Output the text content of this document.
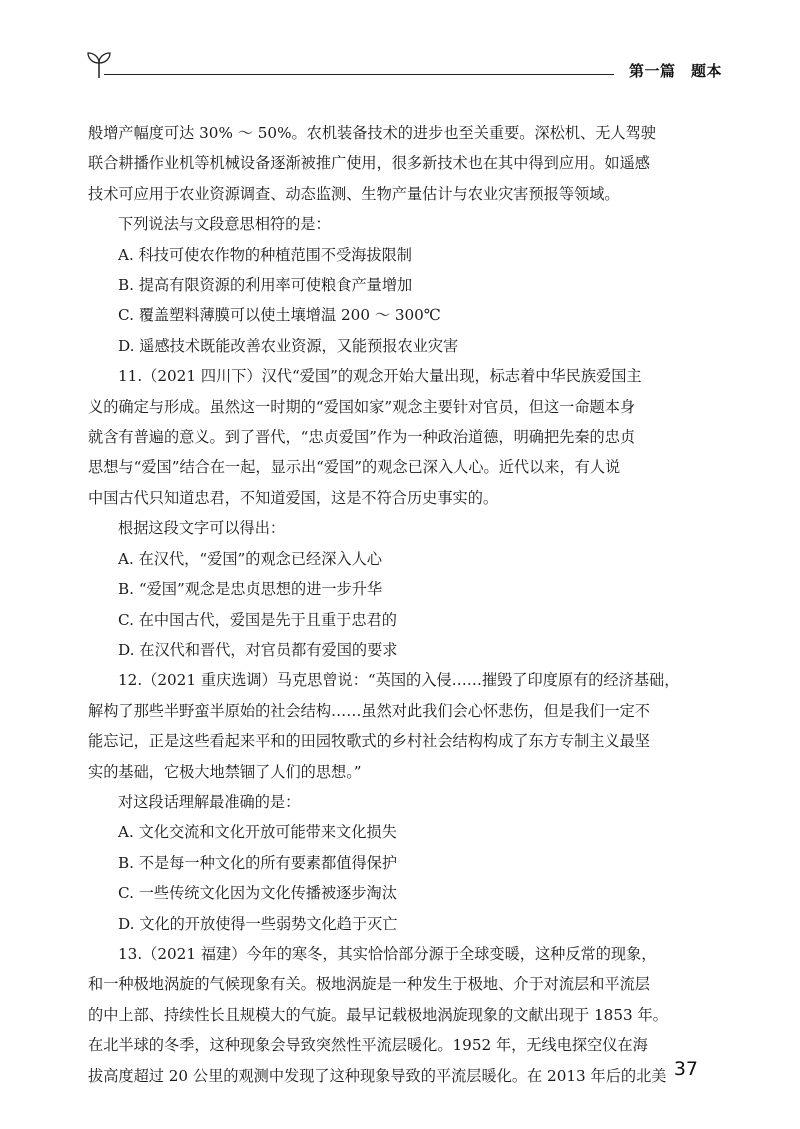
第一篇　题本

般增产幅度可达 30% ～ 50%。农机装备技术的进步也至关重要。深松机、无人驾驶

联合耕播作业机等机械设备逐渐被推广使用，很多新技术也在其中得到应用。如遥感

技术可应用于农业资源调查、动态监测、生物产量估计与农业灾害预报等领域。

下列说法与文段意思相符的是：

A. 科技可使农作物的种植范围不受海拔限制

B. 提高有限资源的利用率可使粮食产量增加

C. 覆盖塑料薄膜可以使土壤增温 200 ～ 300℃

D. 遥感技术既能改善农业资源，又能预报农业灾害

11.（2021 四川下）汉代“爱国”的观念开始大量出现，标志着中华民族爱国主

义的确定与形成。虽然这一时期的“爱国如家”观念主要针对官员，但这一命题本身

就含有普遍的意义。到了晋代，“忠贞爱国”作为一种政治道德，明确把先秦的忠贞

思想与“爱国”结合在一起，显示出“爱国”的观念已深入人心。近代以来，有人说

中国古代只知道忠君，不知道爱国，这是不符合历史事实的。

根据这段文字可以得出：

A. 在汉代，“爱国”的观念已经深入人心

B. “爱国”观念是忠贞思想的进一步升华

C. 在中国古代，爱国是先于且重于忠君的

D. 在汉代和晋代，对官员都有爱国的要求

12.（2021 重庆选调）马克思曾说：“英国的入侵……摧毁了印度原有的经济基础，

解构了那些半野蛮半原始的社会结构……虽然对此我们会心怀悲伤，但是我们一定不

能忘记，正是这些看起来平和的田园牧歌式的乡村社会结构构成了东方专制主义最坚

实的基础，它极大地禁锢了人们的思想。”

对这段话理解最准确的是：

A. 文化交流和文化开放可能带来文化损失

B. 不是每一种文化的所有要素都值得保护

C. 一些传统文化因为文化传播被逐步淘汰

D. 文化的开放使得一些弱势文化趋于灭亡

13.（2021 福建）今年的寒冬，其实恰恰部分源于全球变暖，这种反常的现象，

和一种极地涡旋的气候现象有关。极地涡旋是一种发生于极地、介于对流层和平流层

的中上部、持续性长且规模大的气旋。最早记载极地涡旋现象的文献出现于 1853 年。

在北半球的冬季，这种现象会导致突然性平流层暖化。1952 年，无线电探空仪在海

拔高度超过 20 公里的观测中发现了这种现象导致的平流层暖化。在 2013 年后的北美 37
